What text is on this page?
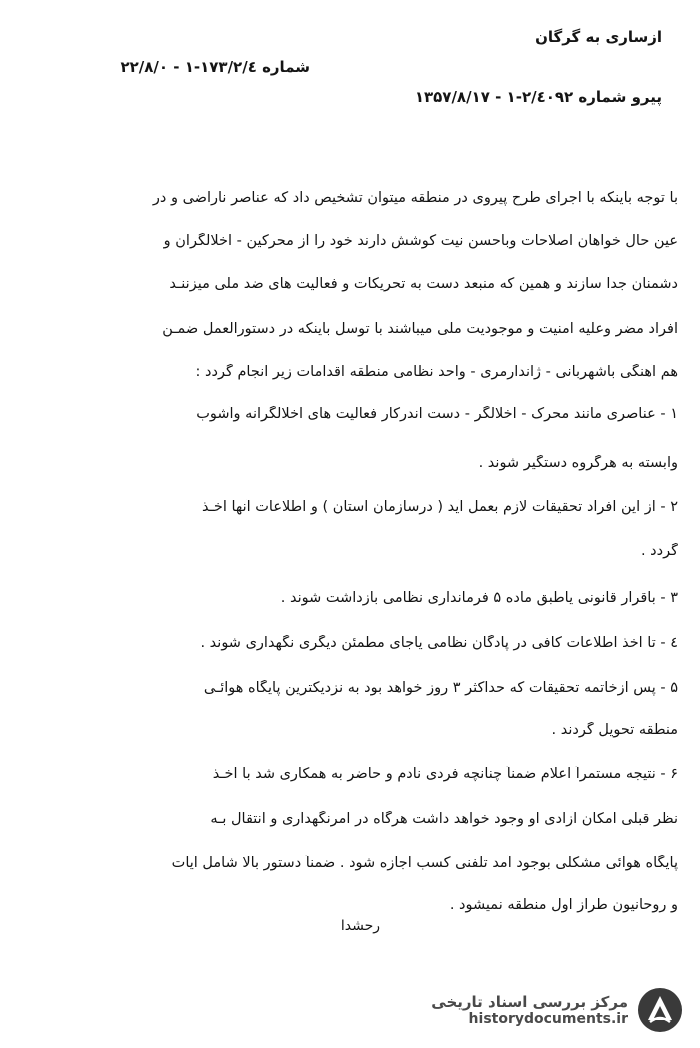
ازساری به گرگان
شماره ۱۷۳/۲/٤-۱ - ۲۲/۸/۰
پیرو شماره ۲/٤٠۹۲-۱ - ۱۳۵۷/۸/۱۷
با توجه باینکه با اجرای طرح پیروی در منطقه میتوان تشخیص داد که عناصر ناراضی و در
عین حال خواهان اصلاحات وباحسن نیت کوشش دارند خود را از محرکین - اخلالگران و
دشمنان جدا سازند و همین که منبعد دست به تحریکات و فعالیت های ضد ملی میزننـد
افراد مضر وعلیه امنیت و موجودیت ملی میباشند با توسل باینکه در دستورالعمل ضمـن
هم آهنگی باشهربانی - ژاندارمری - واحد نظامی منطقه اقدامات زیر انجام گردد :
۱ - عناصری مانند محرک - اخلالگر - دست اندرکار فعالیت های اخلالگرانه وآشوب
وابسته به هرگروه دستگیر شوند .
۲ - از این افراد تحقیقات لازم بعمل آید ( درسازمان استان ) و اطلاعات آنها اخـذ
گردد .
۳ - باقرار قانونی یاطبق ماده ۵ فرمانداری نظامی بازداشت شوند .
٤ - تا اخذ اطلاعات کافی در پادگان نظامی یاجای مطمئن دیگری نگهداری شوند .
۵ - پس ازخاتمه تحقیقات که حداکثر ۳ روز خواهد بود به نزدیکترین پایگاه هوائـی
منطقه تحویل گردند .
۶ - نتیجه مستمراً اعلام ضمناً چنانچه فردی نادم و حاضر به همکاری شد با اخـذ
نظر قبلی امکان آزادی او وجود خواهد داشت هرگاه در امرنگهداری و انتقال بـه
پایگاه هوائی مشکلی بوجود آمد تلفنی کسب اجازه شود . ضمناً دستور بالا شامل آیات
و روحانیون طراز اول منطقه نمیشود .
رحشدا
مرکز بررسی اسناد تاریخی
historydocuments.ir
